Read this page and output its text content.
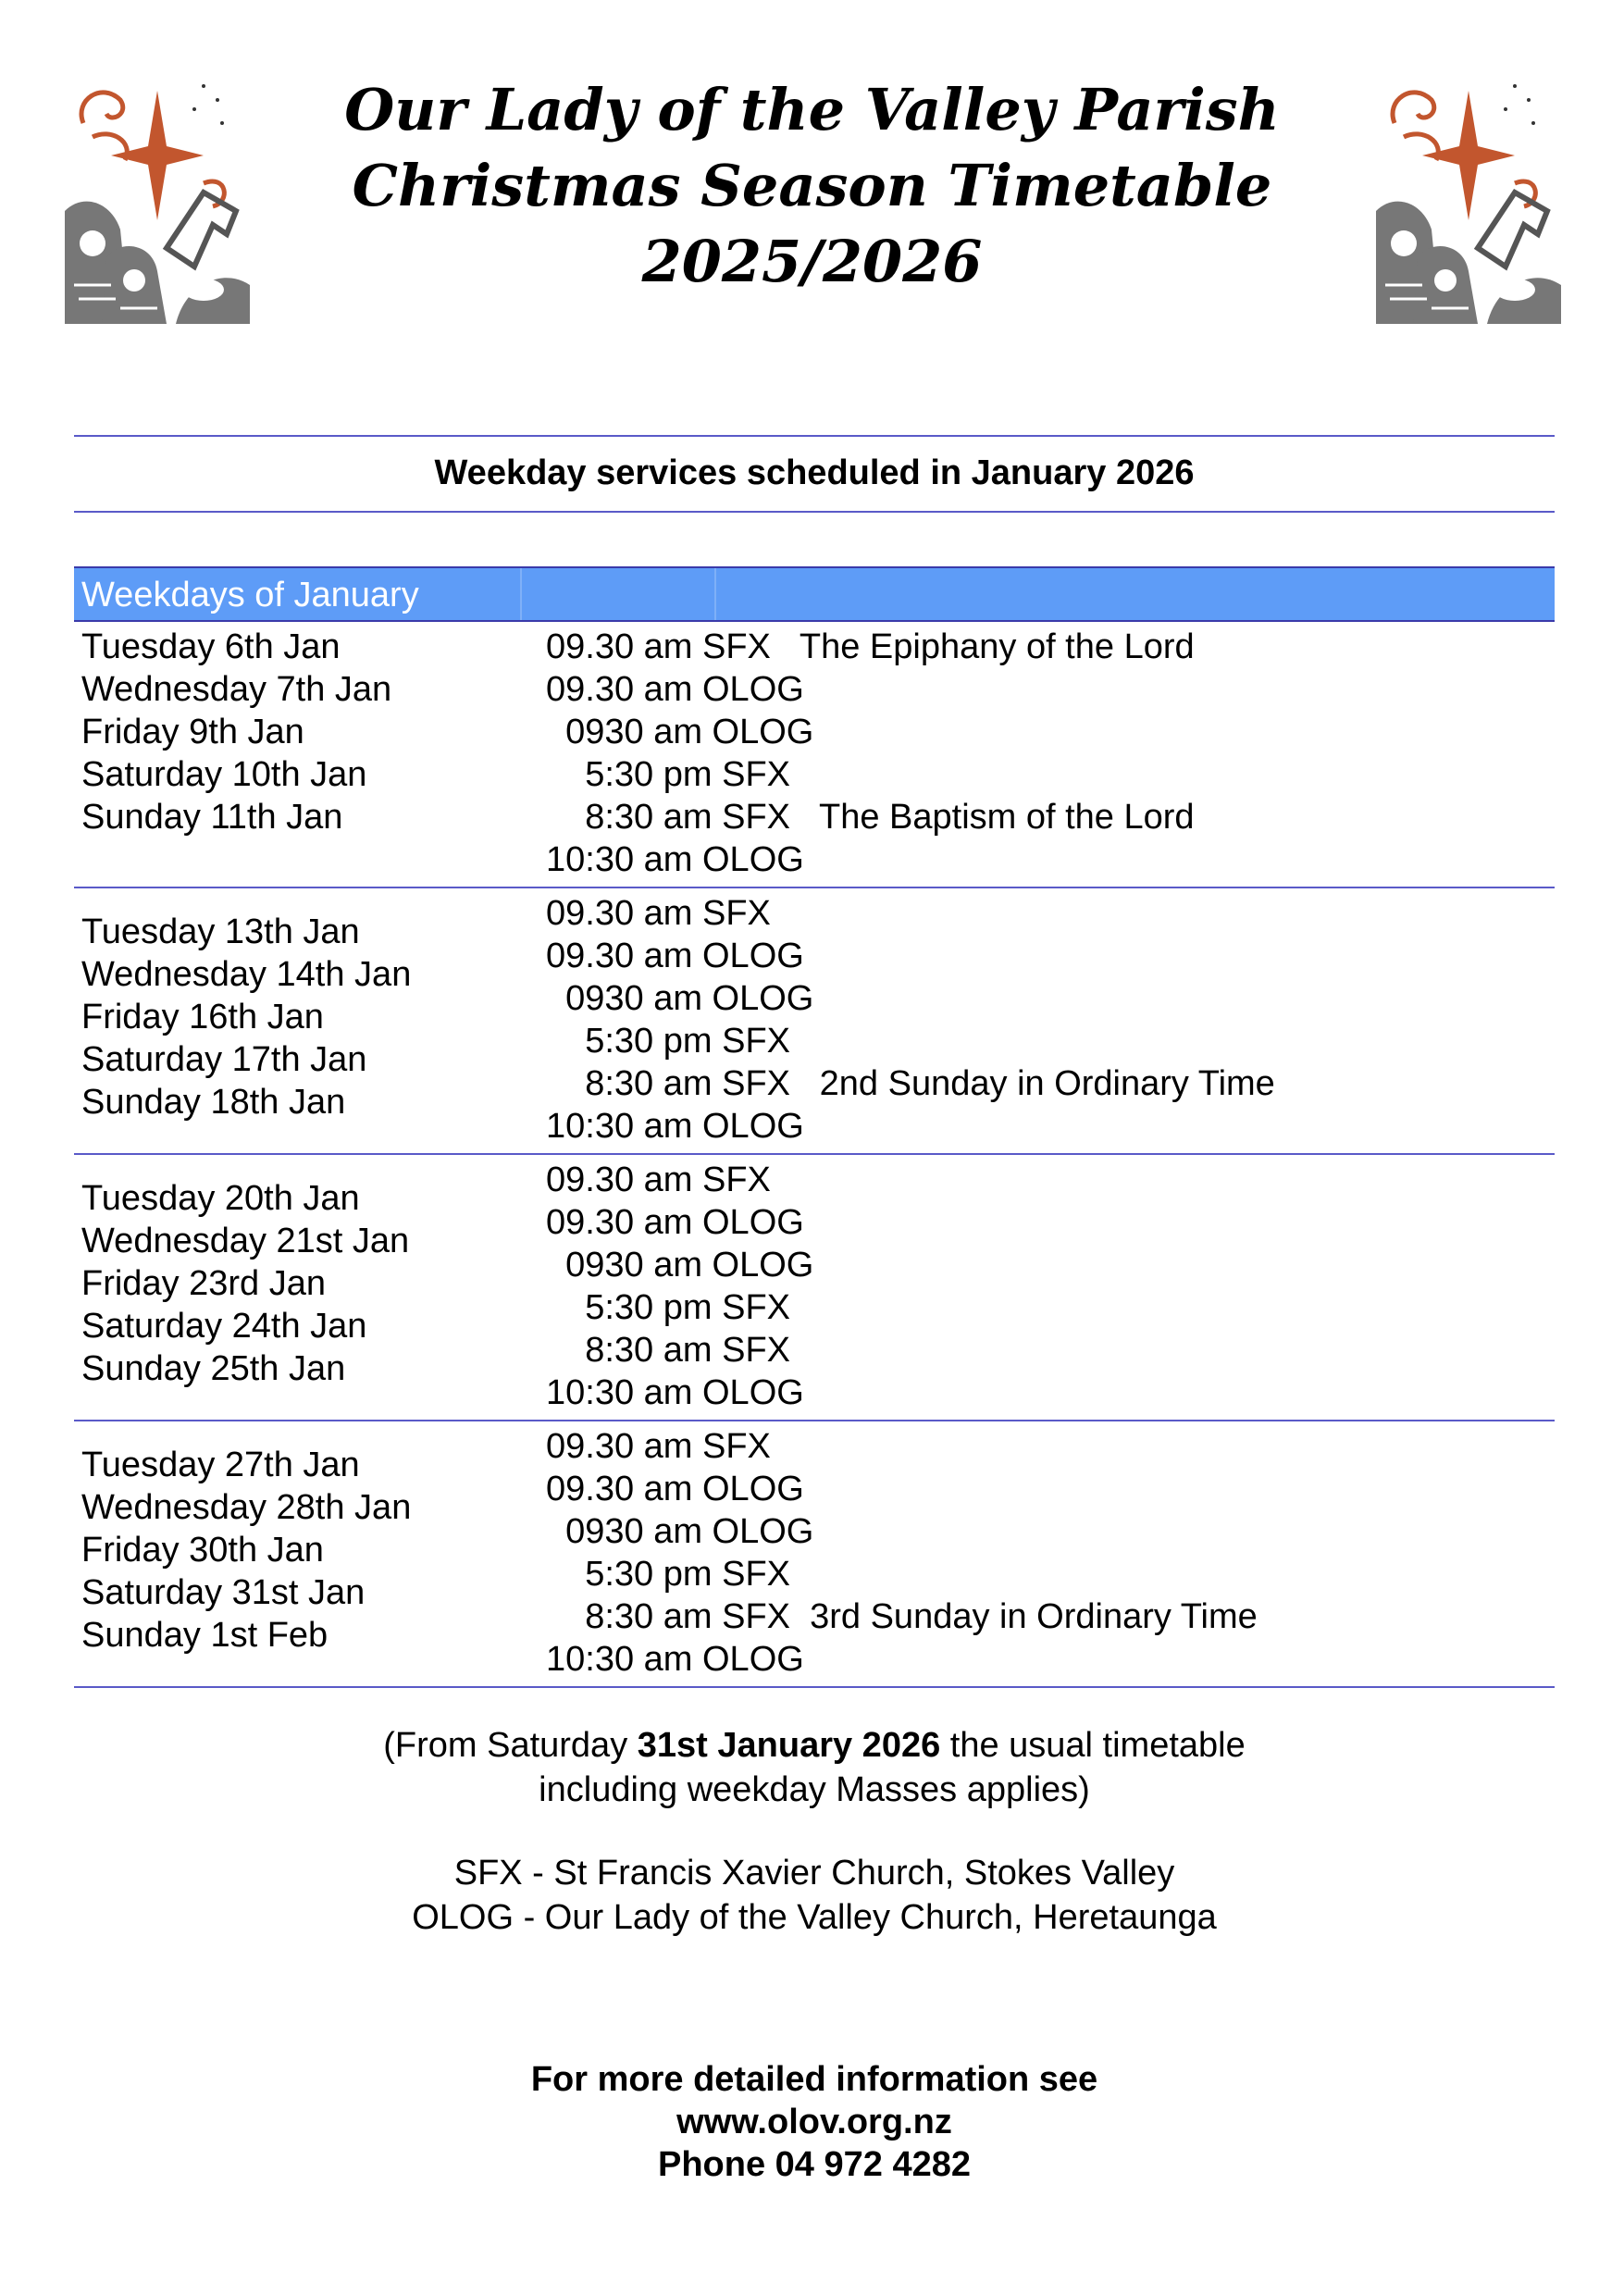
Our Lady of the Valley Parish
Christmas Season Timetable
2025/2026
Weekday services scheduled in January 2026
Weekdays of January
Tuesday 6th Jan
Wednesday 7th Jan
Friday 9th Jan
Saturday 10th Jan
Sunday 11th Jan
09.30 am SFX   The Epiphany of the Lord
09.30 am OLOG
0930 am OLOG
5:30 pm SFX
8:30 am SFX   The Baptism of the Lord
10:30 am OLOG
Tuesday 13th Jan
Wednesday 14th Jan
Friday 16th Jan
Saturday 17th Jan
Sunday 18th Jan
09.30 am SFX
09.30 am OLOG
0930 am OLOG
5:30 pm SFX
8:30 am SFX   2nd Sunday in Ordinary Time
10:30 am OLOG
Tuesday 20th Jan
Wednesday 21st Jan
Friday 23rd Jan
Saturday 24th Jan
Sunday 25th Jan
09.30 am SFX
09.30 am OLOG
0930 am OLOG
5:30 pm SFX
8:30 am SFX
10:30 am OLOG
Tuesday 27th Jan
Wednesday 28th Jan
Friday 30th Jan
Saturday 31st Jan
Sunday 1st Feb
09.30 am SFX
09.30 am OLOG
0930 am OLOG
5:30 pm SFX
8:30 am SFX  3rd Sunday in Ordinary Time
10:30 am OLOG
(From Saturday 31st January 2026 the usual timetable
including weekday Masses applies)
SFX - St Francis Xavier Church, Stokes Valley
OLOG - Our Lady of the Valley Church, Heretaunga
For more detailed information see
www.olov.org.nz
Phone 04 972 4282
